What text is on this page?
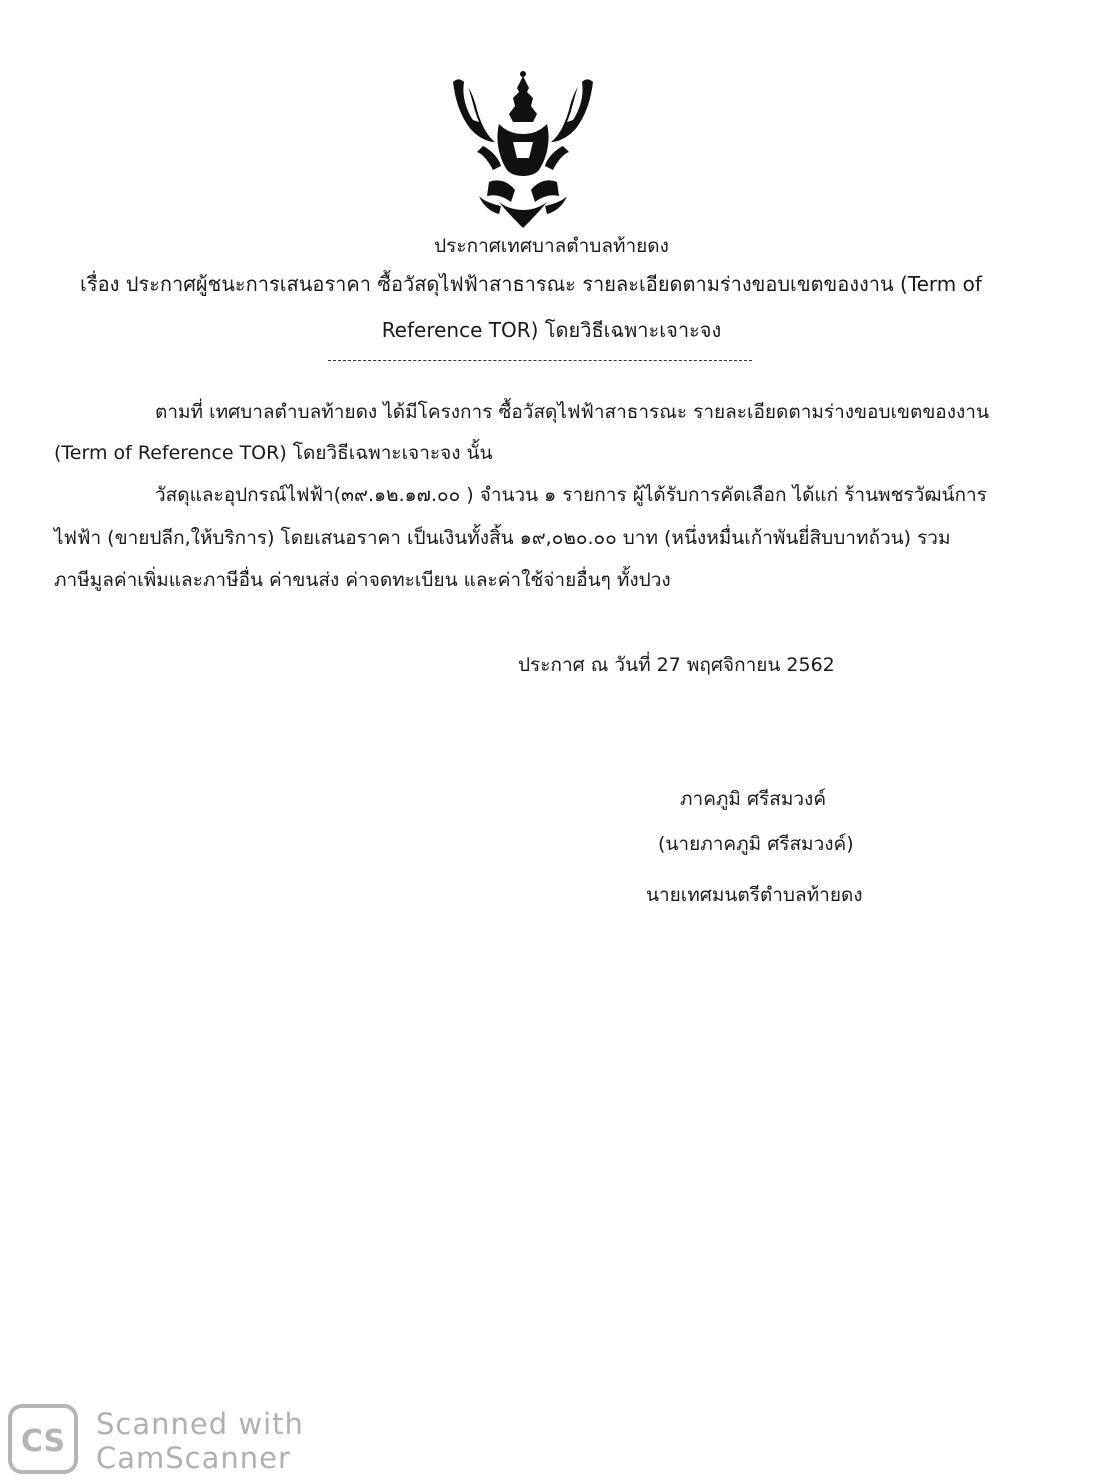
ประกาศเทศบาลตำบลท้ายดง
เรื่อง ประกาศผู้ชนะการเสนอราคา ซื้อวัสดุไฟฟ้าสาธารณะ รายละเอียดตามร่างขอบเขตของงาน (Term of
Reference TOR) โดยวิธีเฉพาะเจาะจง
ตามที่ เทศบาลตำบลท้ายดง ได้มีโครงการ ซื้อวัสดุไฟฟ้าสาธารณะ รายละเอียดตามร่างขอบเขตของงาน
(Term of Reference TOR) โดยวิธีเฉพาะเจาะจง นั้น
วัสดุและอุปกรณ์ไฟฟ้า(๓๙.๑๒.๑๗.๐๐ ) จำนวน ๑ รายการ ผู้ได้รับการคัดเลือก ได้แก่ ร้านพชรวัฒน์การ
ไฟฟ้า (ขายปลีก,ให้บริการ) โดยเสนอราคา เป็นเงินทั้งสิ้น ๑๙,๐๒๐.๐๐ บาท (หนึ่งหมื่นเก้าพันยี่สิบบาทถ้วน) รวม
ภาษีมูลค่าเพิ่มและภาษีอื่น ค่าขนส่ง ค่าจดทะเบียน และค่าใช้จ่ายอื่นๆ ทั้งปวง
ประกาศ ณ วันที่ 27 พฤศจิกายน 2562
ภาคภูมิ ศรีสมวงค์
(นายภาคภูมิ ศรีสมวงค์)
นายเทศมนตรีตำบลท้ายดง
CS Scanned with
CamScanner
